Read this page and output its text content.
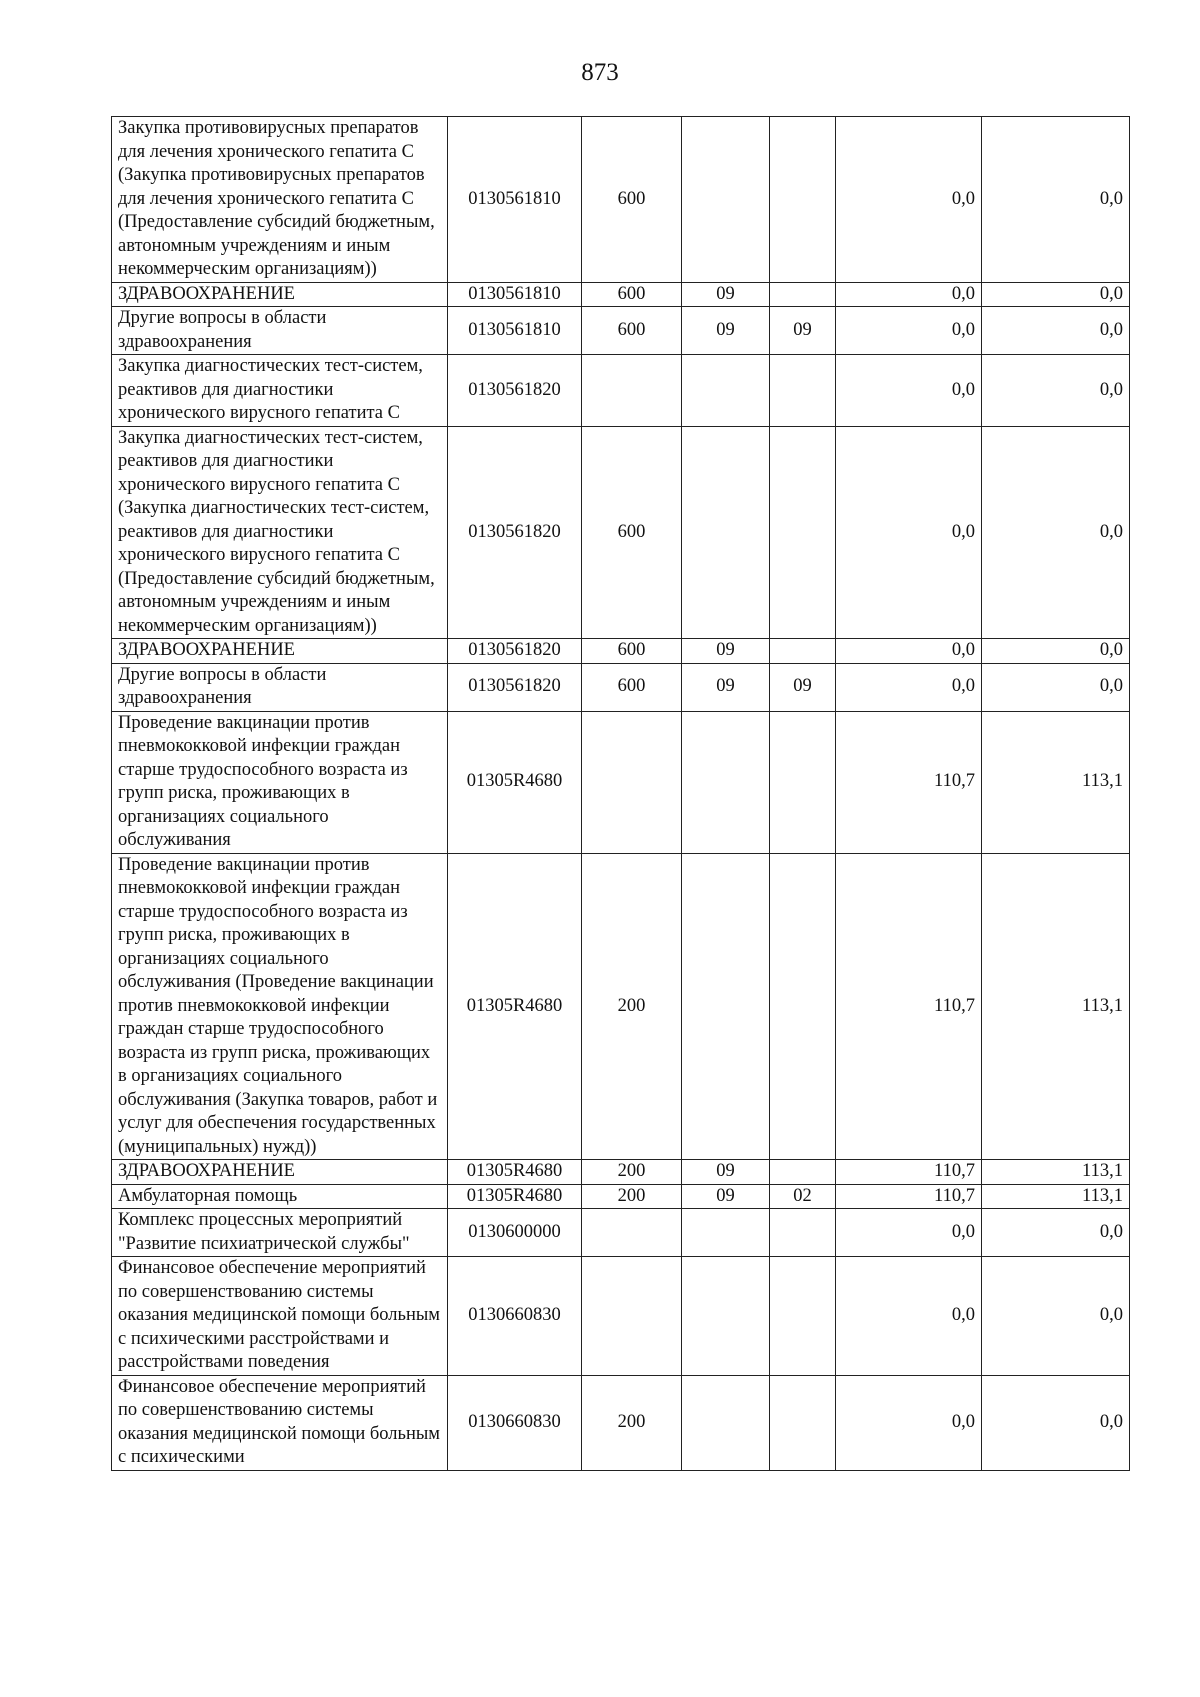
873
Закупка противовирусных препаратов для лечения хронического гепатита С (Закупка противовирусных препаратов для лечения хронического гепатита С (Предоставление субсидий бюджетным, автономным учреждениям и иным некоммерческим организациям))	0130561810	600			0,0	0,0
ЗДРАВООХРАНЕНИЕ	0130561810	600	09		0,0	0,0
Другие вопросы в области здравоохранения	0130561810	600	09	09	0,0	0,0
Закупка диагностических тест-систем, реактивов для диагностики хронического вирусного гепатита С	0130561820				0,0	0,0
Закупка диагностических тест-систем, реактивов для диагностики хронического вирусного гепатита С (Закупка диагностических тест-систем, реактивов для диагностики хронического вирусного гепатита С (Предоставление субсидий бюджетным, автономным учреждениям и иным некоммерческим организациям))	0130561820	600			0,0	0,0
ЗДРАВООХРАНЕНИЕ	0130561820	600	09		0,0	0,0
Другие вопросы в области здравоохранения	0130561820	600	09	09	0,0	0,0
Проведение вакцинации против пневмококковой инфекции граждан старше трудоспособного возраста из групп риска, проживающих в организациях социального обслуживания	01305R4680				110,7	113,1
Проведение вакцинации против пневмококковой инфекции граждан старше трудоспособного возраста из групп риска, проживающих в организациях социального обслуживания (Проведение вакцинации против пневмококковой инфекции граждан старше трудоспособного возраста из групп риска, проживающих в организациях социального обслуживания (Закупка товаров, работ и услуг для обеспечения государственных (муниципальных) нужд))	01305R4680	200			110,7	113,1
ЗДРАВООХРАНЕНИЕ	01305R4680	200	09		110,7	113,1
Амбулаторная помощь	01305R4680	200	09	02	110,7	113,1
Комплекс процессных мероприятий "Развитие психиатрической службы"	0130600000				0,0	0,0
Финансовое обеспечение мероприятий по совершенствованию системы оказания медицинской помощи больным с психическими расстройствами и расстройствами поведения	0130660830				0,0	0,0
Финансовое обеспечение мероприятий по совершенствованию системы оказания медицинской помощи больным с психическими	0130660830	200			0,0	0,0
